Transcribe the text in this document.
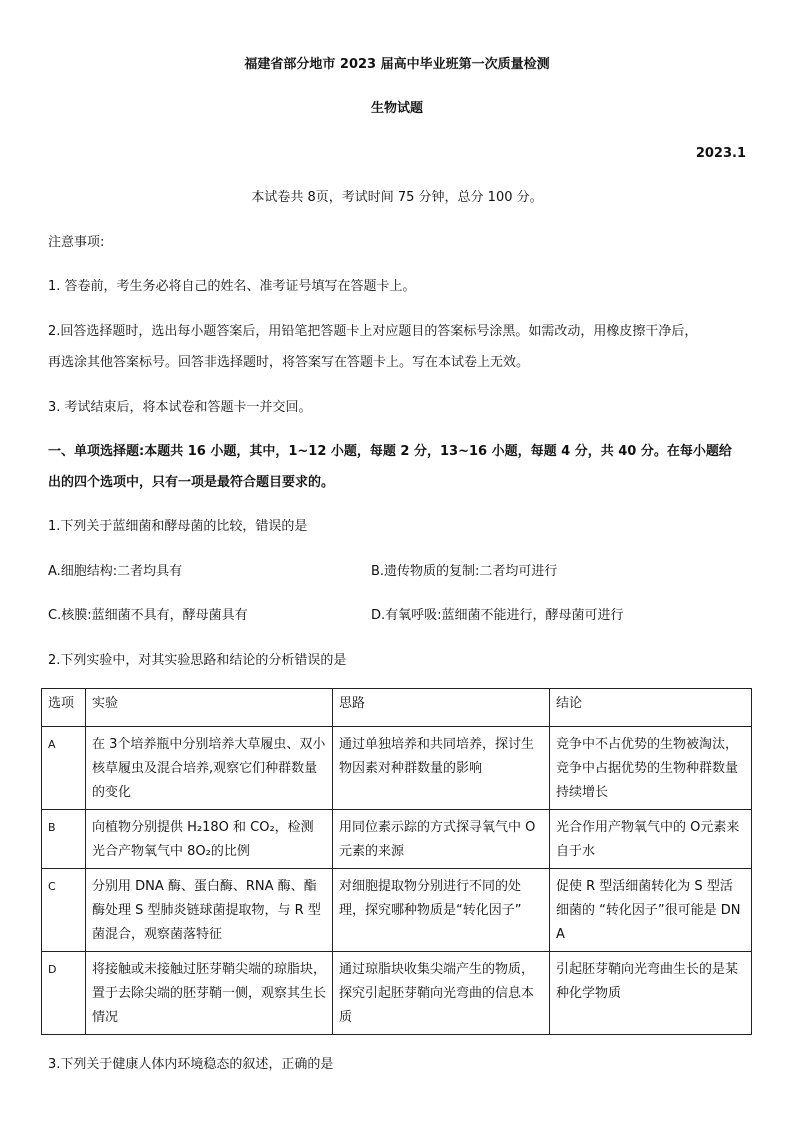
福建省部分地市 2023 届高中毕业班第一次质量检测
生物试题
2023.1
本试卷共 8页，考试时间 75 分钟，总分 100 分。
注意事项:
1. 答卷前，考生务必将自己的姓名、准考证号填写在答题卡上。
2.回答选择题时，选出每小题答案后，用铅笔把答题卡上对应题目的答案标号涂黑。如需改动，用橡皮擦干净后，
再选涂其他答案标号。回答非选择题时，将答案写在答题卡上。写在本试卷上无效。
3. 考试结束后，将本试卷和答题卡一并交回。
一、单项选择题:本题共 16 小题，其中，1~12 小题，每题 2 分，13~16 小题，每题 4 分，共 40 分。在每小题给
出的四个选项中，只有一项是最符合题目要求的。
1.下列关于蓝细菌和酵母菌的比较，错误的是
A.细胞结构:二者均具有	B.遗传物质的复制:二者均可进行
C.核膜:蓝细菌不具有，酵母菌具有	D.有氧呼吸:蓝细菌不能进行，酵母菌可进行
2.下列实验中，对其实验思路和结论的分析错误的是
选项	实验	思路	结论
A	在 3个培养瓶中分别培养大草履虫、双小核草履虫及混合培养,观察它们种群数量的变化	通过单独培养和共同培养，探讨生物因素对种群数量的影响	竞争中不占优势的生物被淘汰，竞争中占据优势的生物种群数量持续增长
B	向植物分别提供 H₂18O 和 CO₂，检测光合产物氧气中 8O₂的比例	用同位素示踪的方式探寻氧气中 O元素的来源	光合作用产物氧气中的 O元素来自于水
C	分别用 DNA 酶、蛋白酶、RNA 酶、酯酶处理 S 型肺炎链球菌提取物，与 R 型菌混合，观察菌落特征	对细胞提取物分别进行不同的处理，探究哪种物质是“转化因子”	促使 R 型活细菌转化为 S 型活细菌的 “转化因子”很可能是 DNA
D	将接触或未接触过胚芽鞘尖端的琼脂块，置于去除尖端的胚芽鞘一侧，观察其生长情况	通过琼脂块收集尖端产生的物质，探究引起胚芽鞘向光弯曲的信息本质	引起胚芽鞘向光弯曲生长的是某种化学物质
3.下列关于健康人体内环境稳态的叙述，正确的是
